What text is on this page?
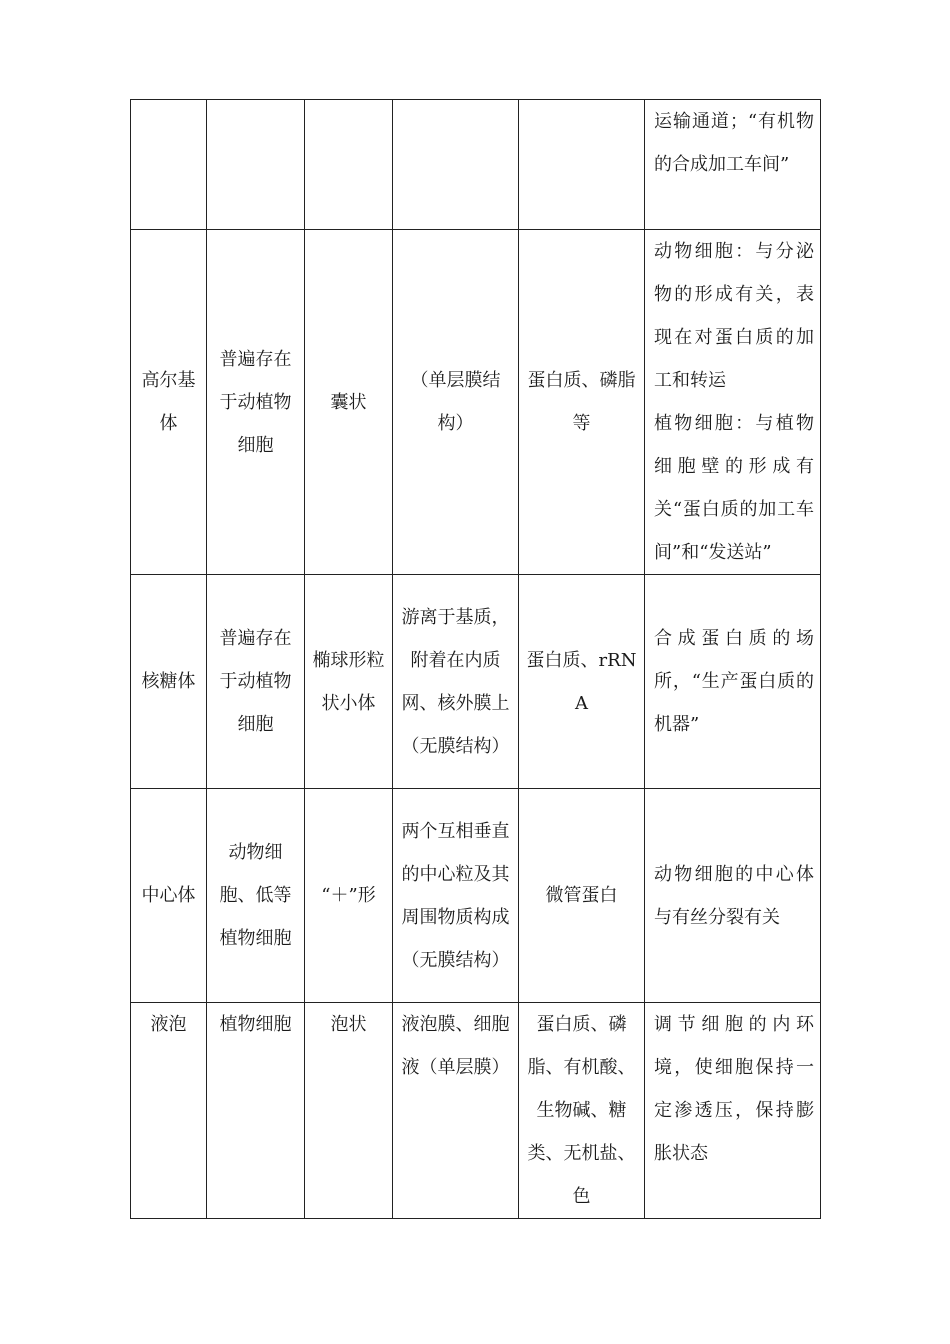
					运输通道；“有机物的合成加工车间”

高尔基体	普遍存在于动植物细胞	囊状	（单层膜结构）	蛋白质、磷脂等	动物细胞：与分泌物的形成有关，表现在对蛋白质的加工和转运
植物细胞：与植物细胞壁的形成有关“蛋白质的加工车间”和“发送站”

核糖体	普遍存在于动植物细胞	椭球形粒状小体	游离于基质，附着在内质网、核外膜上（无膜结构）	蛋白质、rRNA	合成蛋白质的场所，“生产蛋白质的机器”

中心体	动物细胞、低等植物细胞	“＋”形	两个互相垂直的中心粒及其周围物质构成（无膜结构）	微管蛋白	动物细胞的中心体与有丝分裂有关

液泡	植物细胞	泡状	液泡膜、细胞液（单层膜）	蛋白质、磷脂、有机酸、生物碱、糖类、无机盐、色	调节细胞的内环境，使细胞保持一定渗透压，保持膨胀状态
